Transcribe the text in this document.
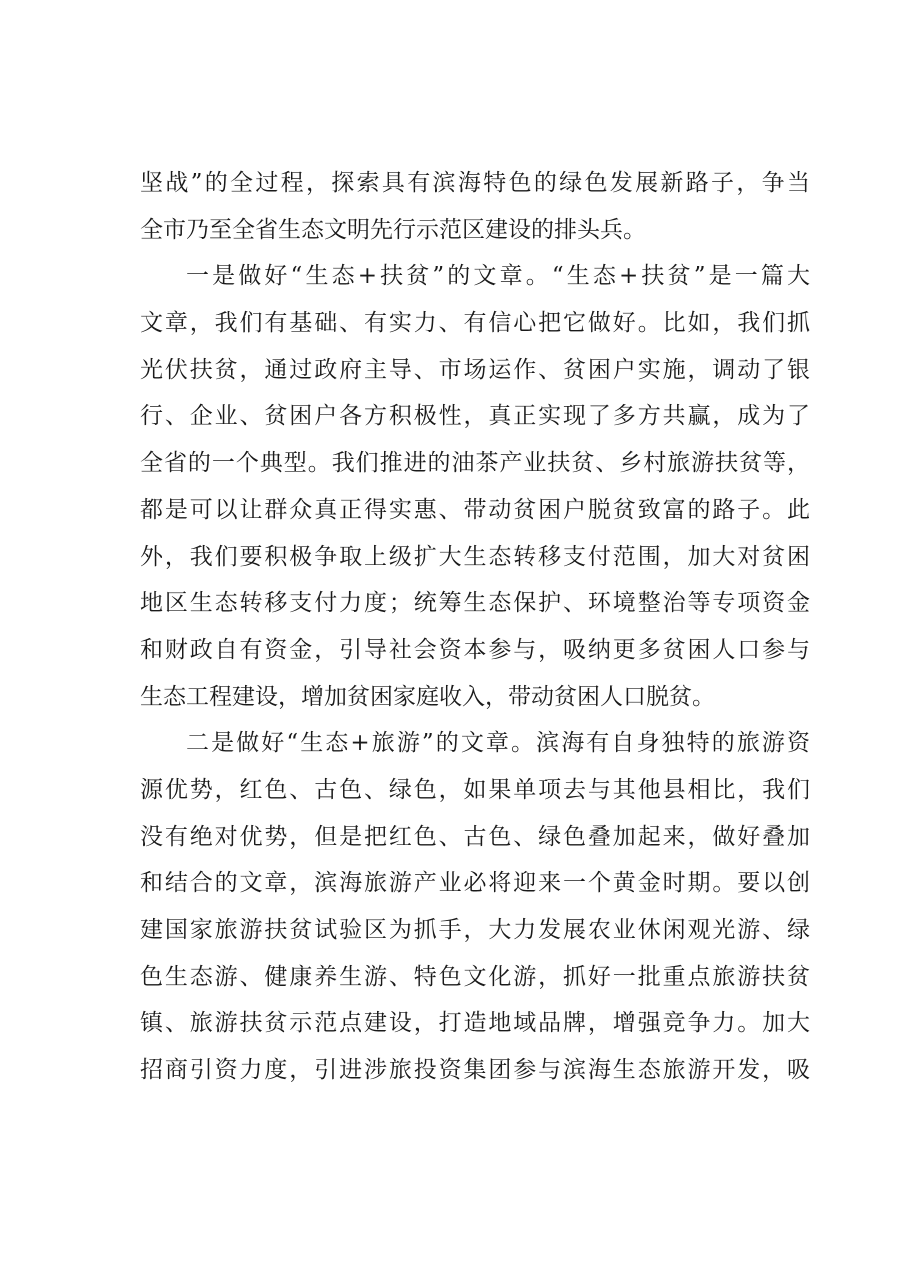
坚战”的全过程，探索具有滨海特色的绿色发展新路子，争当
全市乃至全省生态文明先行示范区建设的排头兵。
一是做好“生态+扶贫”的文章。“生态+扶贫”是一篇大
文章，我们有基础、有实力、有信心把它做好。比如，我们抓
光伏扶贫，通过政府主导、市场运作、贫困户实施，调动了银
行、企业、贫困户各方积极性，真正实现了多方共赢，成为了
全省的一个典型。我们推进的油茶产业扶贫、乡村旅游扶贫等，
都是可以让群众真正得实惠、带动贫困户脱贫致富的路子。此
外，我们要积极争取上级扩大生态转移支付范围，加大对贫困
地区生态转移支付力度；统筹生态保护、环境整治等专项资金
和财政自有资金，引导社会资本参与，吸纳更多贫困人口参与
生态工程建设，增加贫困家庭收入，带动贫困人口脱贫。
二是做好“生态+旅游”的文章。滨海有自身独特的旅游资
源优势，红色、古色、绿色，如果单项去与其他县相比，我们
没有绝对优势，但是把红色、古色、绿色叠加起来，做好叠加
和结合的文章，滨海旅游产业必将迎来一个黄金时期。要以创
建国家旅游扶贫试验区为抓手，大力发展农业休闲观光游、绿
色生态游、健康养生游、特色文化游，抓好一批重点旅游扶贫
镇、旅游扶贫示范点建设，打造地域品牌，增强竞争力。加大
招商引资力度，引进涉旅投资集团参与滨海生态旅游开发，吸
